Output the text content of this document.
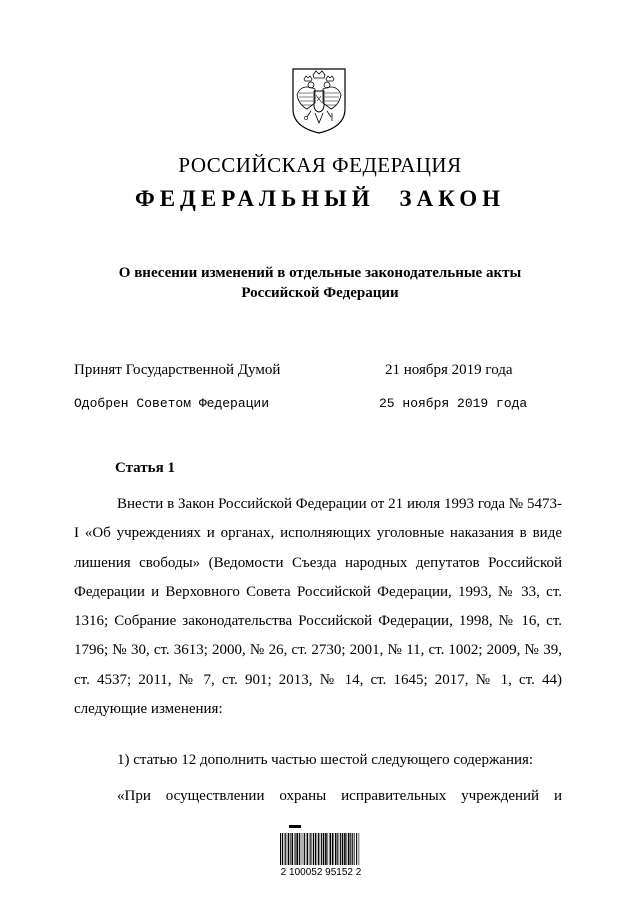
РОССИЙСКАЯ ФЕДЕРАЦИЯ
ФЕДЕРАЛЬНЫЙ ЗАКОН
О внесении изменений в отдельные законодательные акты
Российской Федерации
Принят Государственной Думой	21 ноября 2019 года
Одобрен Советом Федерации	25 ноября 2019 года
Статья 1

Внести в Закон Российской Федерации от 21 июля 1993 года № 5473-I «Об учреждениях и органах, исполняющих уголовные наказания в виде лишения свободы» (Ведомости Съезда народных депутатов Российской Федерации и Верховного Совета Российской Федерации, 1993, № 33, ст. 1316; Собрание законодательства Российской Федерации, 1998, № 16, ст. 1796; № 30, ст. 3613; 2000, № 26, ст. 2730; 2001, № 11, ст. 1002; 2009, № 39, ст. 4537; 2011, № 7, ст. 901; 2013, № 14, ст. 1645; 2017, № 1, ст. 44) следующие изменения:

1) статью 12 дополнить частью шестой следующего содержания:

«При осуществлении охраны исправительных учреждений и

2 100052 95152 2
